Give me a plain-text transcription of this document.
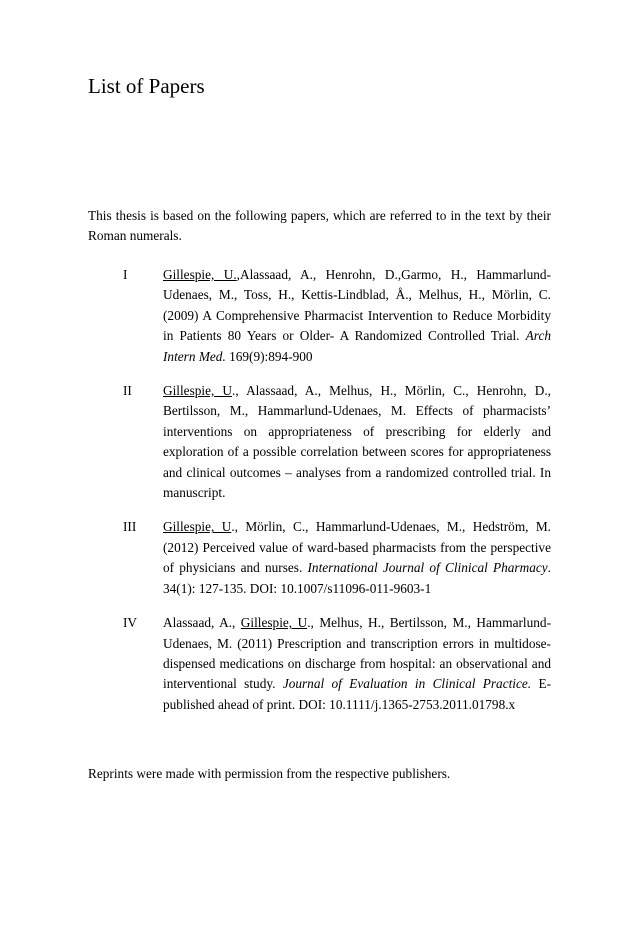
List of Papers

This thesis is based on the following papers, which are referred to in the text by their Roman numerals.

I	Gillespie, U.,Alassaad, A., Henrohn, D.,Garmo, H., Hammarlund-Udenaes, M., Toss, H., Kettis-Lindblad, Å., Melhus, H., Mörlin, C. (2009) A Comprehensive Pharmacist Intervention to Reduce Morbidity in Patients 80 Years or Older- A Randomized Controlled Trial. Arch Intern Med. 169(9):894-900
II	Gillespie, U., Alassaad, A., Melhus, H., Mörlin, C., Henrohn, D., Bertilsson, M., Hammarlund-Udenaes, M. Effects of pharmacists’ interventions on appropriateness of prescribing for elderly and exploration of a possible correlation between scores for appropriateness and clinical outcomes – analyses from a randomized controlled trial. In manuscript.
III	Gillespie, U., Mörlin, C., Hammarlund-Udenaes, M., Hedström, M. (2012) Perceived value of ward-based pharmacists from the perspective of physicians and nurses. International Journal of Clinical Pharmacy. 34(1): 127-135. DOI: 10.1007/s11096-011-9603-1
IV	Alassaad, A., Gillespie, U., Melhus, H., Bertilsson, M., Hammarlund-Udenaes, M. (2011) Prescription and transcription errors in multidose-dispensed medications on discharge from hospital: an observational and interventional study. Journal of Evaluation in Clinical Practice. E-published ahead of print. DOI: 10.1111/j.1365-2753.2011.01798.x

Reprints were made with permission from the respective publishers.
